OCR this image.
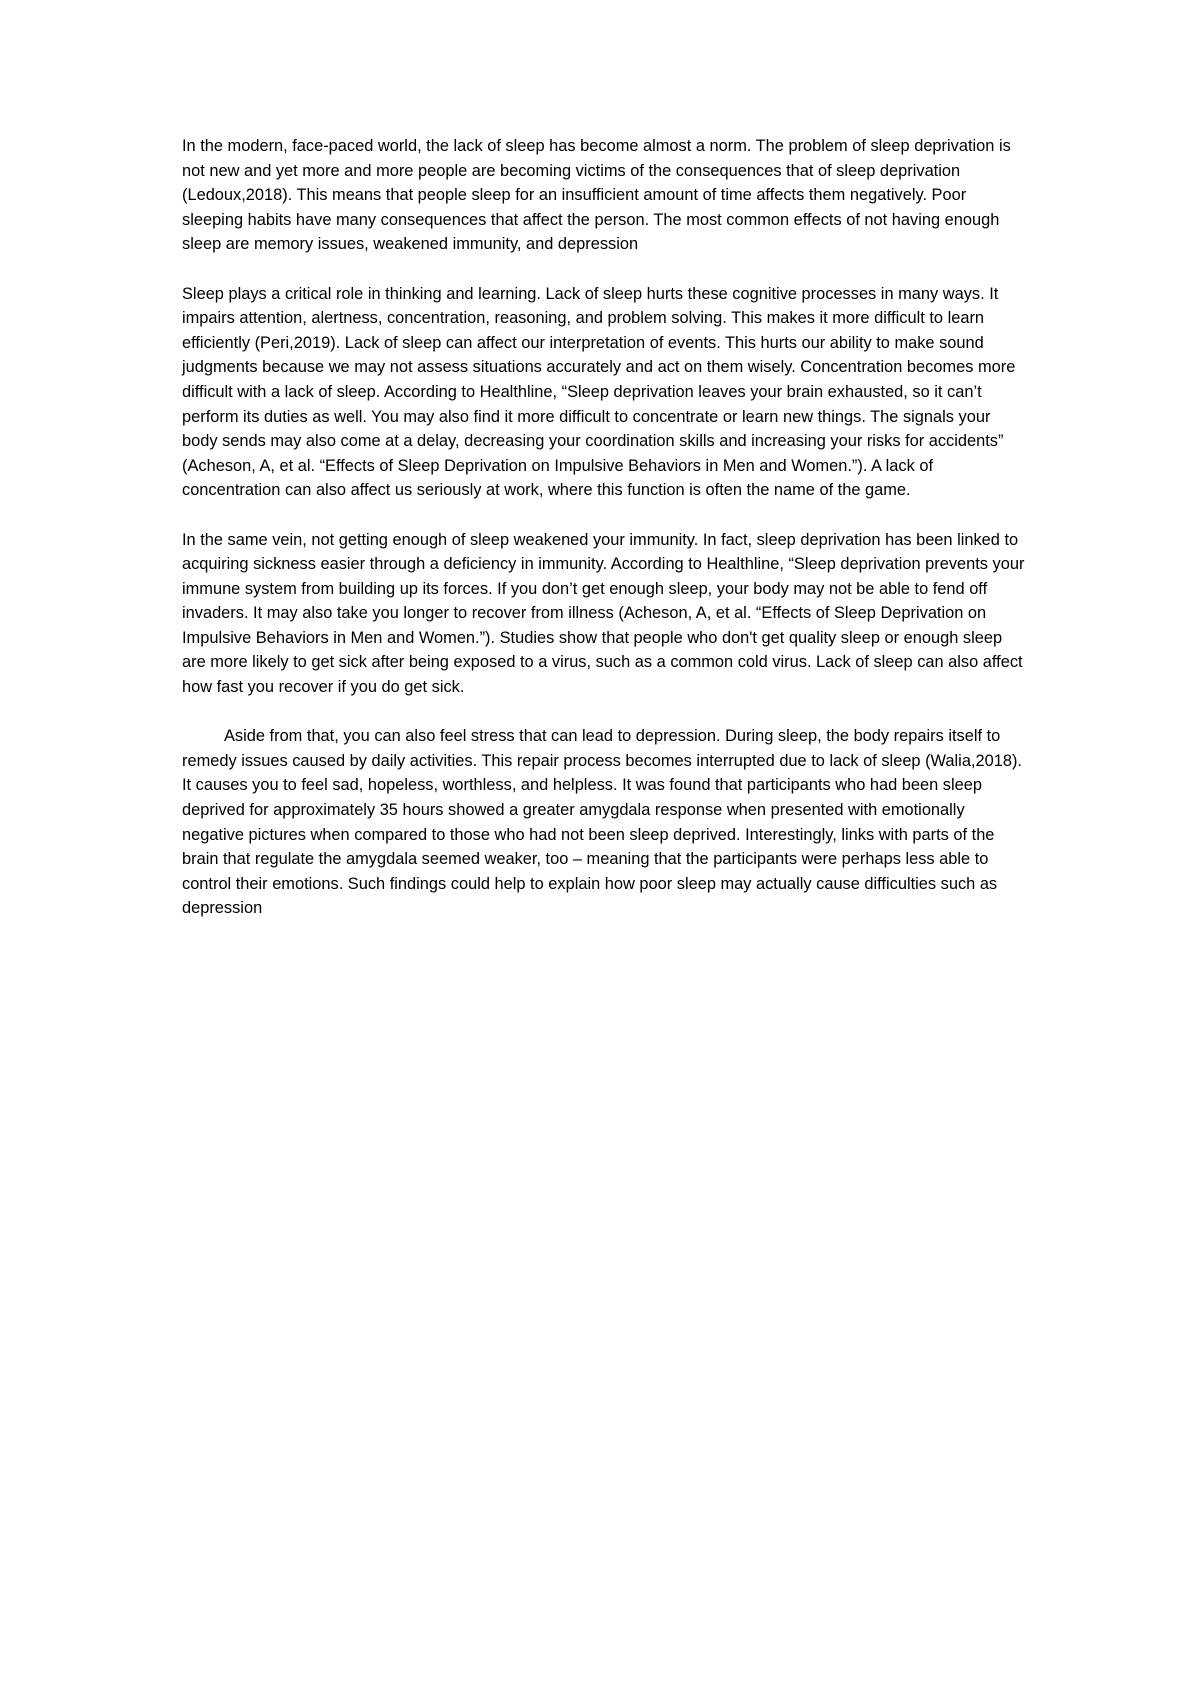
In the modern, face-paced world, the lack of sleep has become almost a norm. The problem of sleep deprivation is not new and yet more and more people are becoming victims of the consequences that of sleep deprivation (Ledoux,2018). This means that people sleep for an insufficient amount of time affects them negatively. Poor sleeping habits have many consequences that affect the person. The most common effects of not having enough sleep are memory issues, weakened immunity, and depression

Sleep plays a critical role in thinking and learning. Lack of sleep hurts these cognitive processes in many ways. It impairs attention, alertness, concentration, reasoning, and problem solving. This makes it more difficult to learn efficiently (Peri,2019). Lack of sleep can affect our interpretation of events. This hurts our ability to make sound judgments because we may not assess situations accurately and act on them wisely. Concentration becomes more difficult with a lack of sleep. According to Healthline, “Sleep deprivation leaves your brain exhausted, so it can’t perform its duties as well. You may also find it more difficult to concentrate or learn new things. The signals your body sends may also come at a delay, decreasing your coordination skills and increasing your risks for accidents” (Acheson, A, et al. “Effects of Sleep Deprivation on Impulsive Behaviors in Men and Women.”). A lack of concentration can also affect us seriously at work, where this function is often the name of the game.

In the same vein, not getting enough of sleep weakened your immunity. In fact, sleep deprivation has been linked to acquiring sickness easier through a deficiency in immunity. According to Healthline, “Sleep deprivation prevents your immune system from building up its forces. If you don’t get enough sleep, your body may not be able to fend off invaders. It may also take you longer to recover from illness (Acheson, A, et al. “Effects of Sleep Deprivation on Impulsive Behaviors in Men and Women.”). Studies show that people who don't get quality sleep or enough sleep are more likely to get sick after being exposed to a virus, such as a common cold virus. Lack of sleep can also affect how fast you recover if you do get sick.

Aside from that, you can also feel stress that can lead to depression. During sleep, the body repairs itself to remedy issues caused by daily activities. This repair process becomes interrupted due to lack of sleep (Walia,2018). It causes you to feel sad, hopeless, worthless, and helpless. It was found that participants who had been sleep deprived for approximately 35 hours showed a greater amygdala response when presented with emotionally negative pictures when compared to those who had not been sleep deprived. Interestingly, links with parts of the brain that regulate the amygdala seemed weaker, too – meaning that the participants were perhaps less able to control their emotions. Such findings could help to explain how poor sleep may actually cause difficulties such as depression
